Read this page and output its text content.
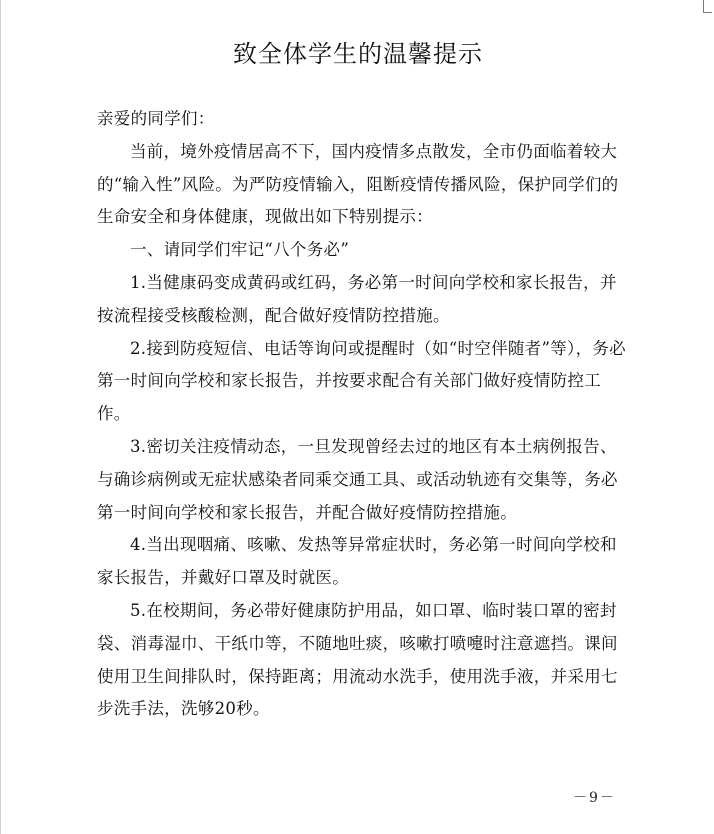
致全体学生的温馨提示

亲爱的同学们：

当前，境外疫情居高不下，国内疫情多点散发，全市仍面临着较大的“输入性”风险。为严防疫情输入，阻断疫情传播风险，保护同学们的生命安全和身体健康，现做出如下特别提示：

一、请同学们牢记“八个务必”

1.当健康码变成黄码或红码，务必第一时间向学校和家长报告，并按流程接受核酸检测，配合做好疫情防控措施。

2.接到防疫短信、电话等询问或提醒时（如“时空伴随者”等），务必第一时间向学校和家长报告，并按要求配合有关部门做好疫情防控工作。

3.密切关注疫情动态，一旦发现曾经去过的地区有本土病例报告、与确诊病例或无症状感染者同乘交通工具、或活动轨迹有交集等，务必第一时间向学校和家长报告，并配合做好疫情防控措施。

4.当出现咽痛、咳嗽、发热等异常症状时，务必第一时间向学校和家长报告，并戴好口罩及时就医。

5.在校期间，务必带好健康防护用品，如口罩、临时装口罩的密封袋、消毒湿巾、干纸巾等，不随地吐痰，咳嗽打喷嚏时注意遮挡。课间使用卫生间排队时，保持距离；用流动水洗手，使用洗手液，并采用七步洗手法，洗够20秒。

－9－
